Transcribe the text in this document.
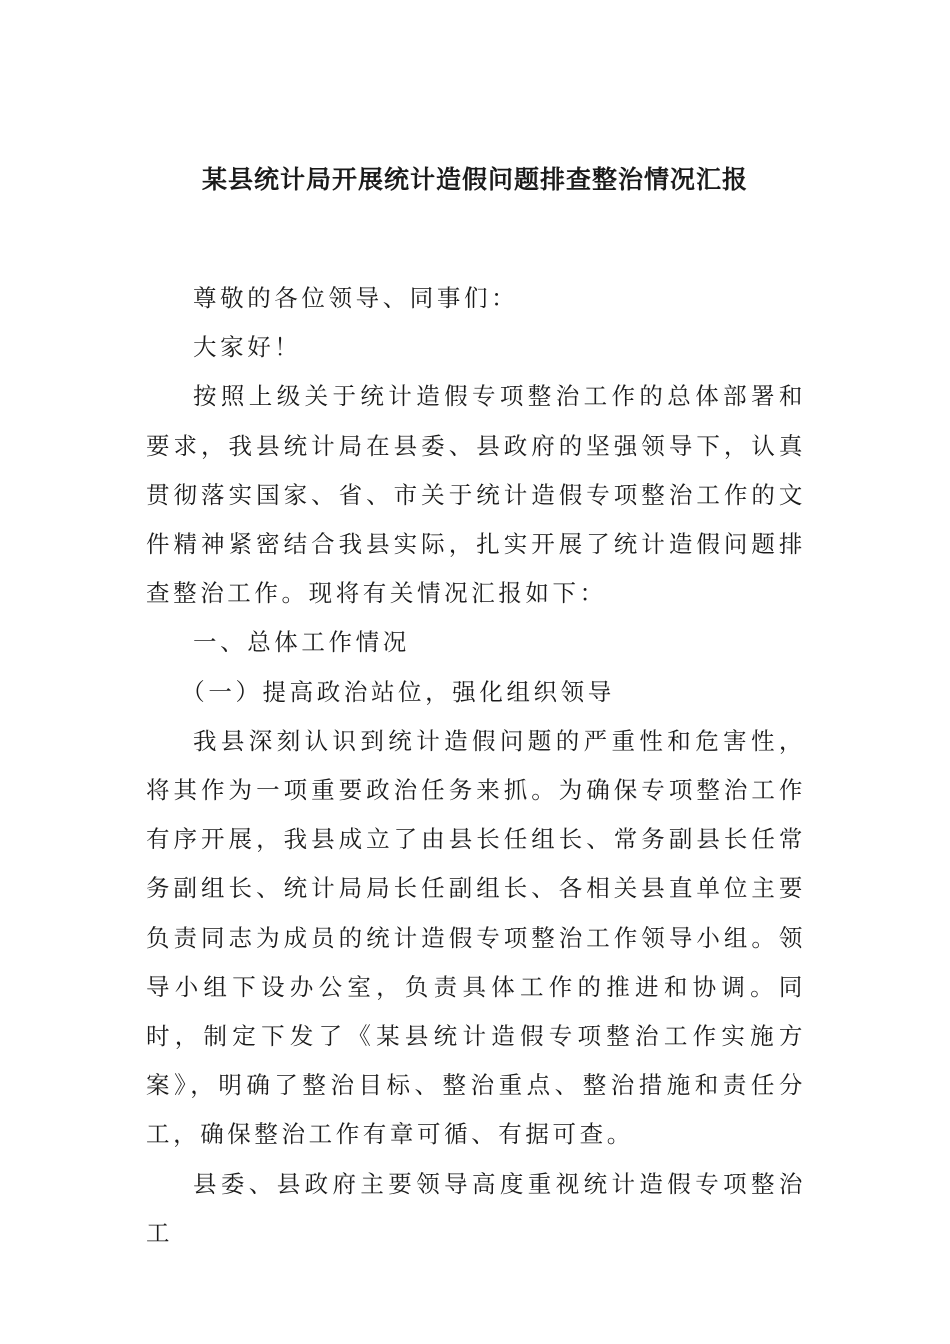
某县统计局开展统计造假问题排查整治情况汇报

尊敬的各位领导、同事们：

大家好！

按照上级关于统计造假专项整治工作的总体部署和要求，我县统计局在县委、县政府的坚强领导下，认真贯彻落实国家、省、市关于统计造假专项整治工作的文件精神紧密结合我县实际，扎实开展了统计造假问题排查整治工作。现将有关情况汇报如下：

一、总体工作情况

（一）提高政治站位，强化组织领导

我县深刻认识到统计造假问题的严重性和危害性，将其作为一项重要政治任务来抓。为确保专项整治工作有序开展，我县成立了由县长任组长、常务副县长任常务副组长、统计局局长任副组长、各相关县直单位主要负责同志为成员的统计造假专项整治工作领导小组。领导小组下设办公室，负责具体工作的推进和协调。同时，制定下发了《某县统计造假专项整治工作实施方案》，明确了整治目标、整治重点、整治措施和责任分工，确保整治工作有章可循、有据可查。

县委、县政府主要领导高度重视统计造假专项整治工
